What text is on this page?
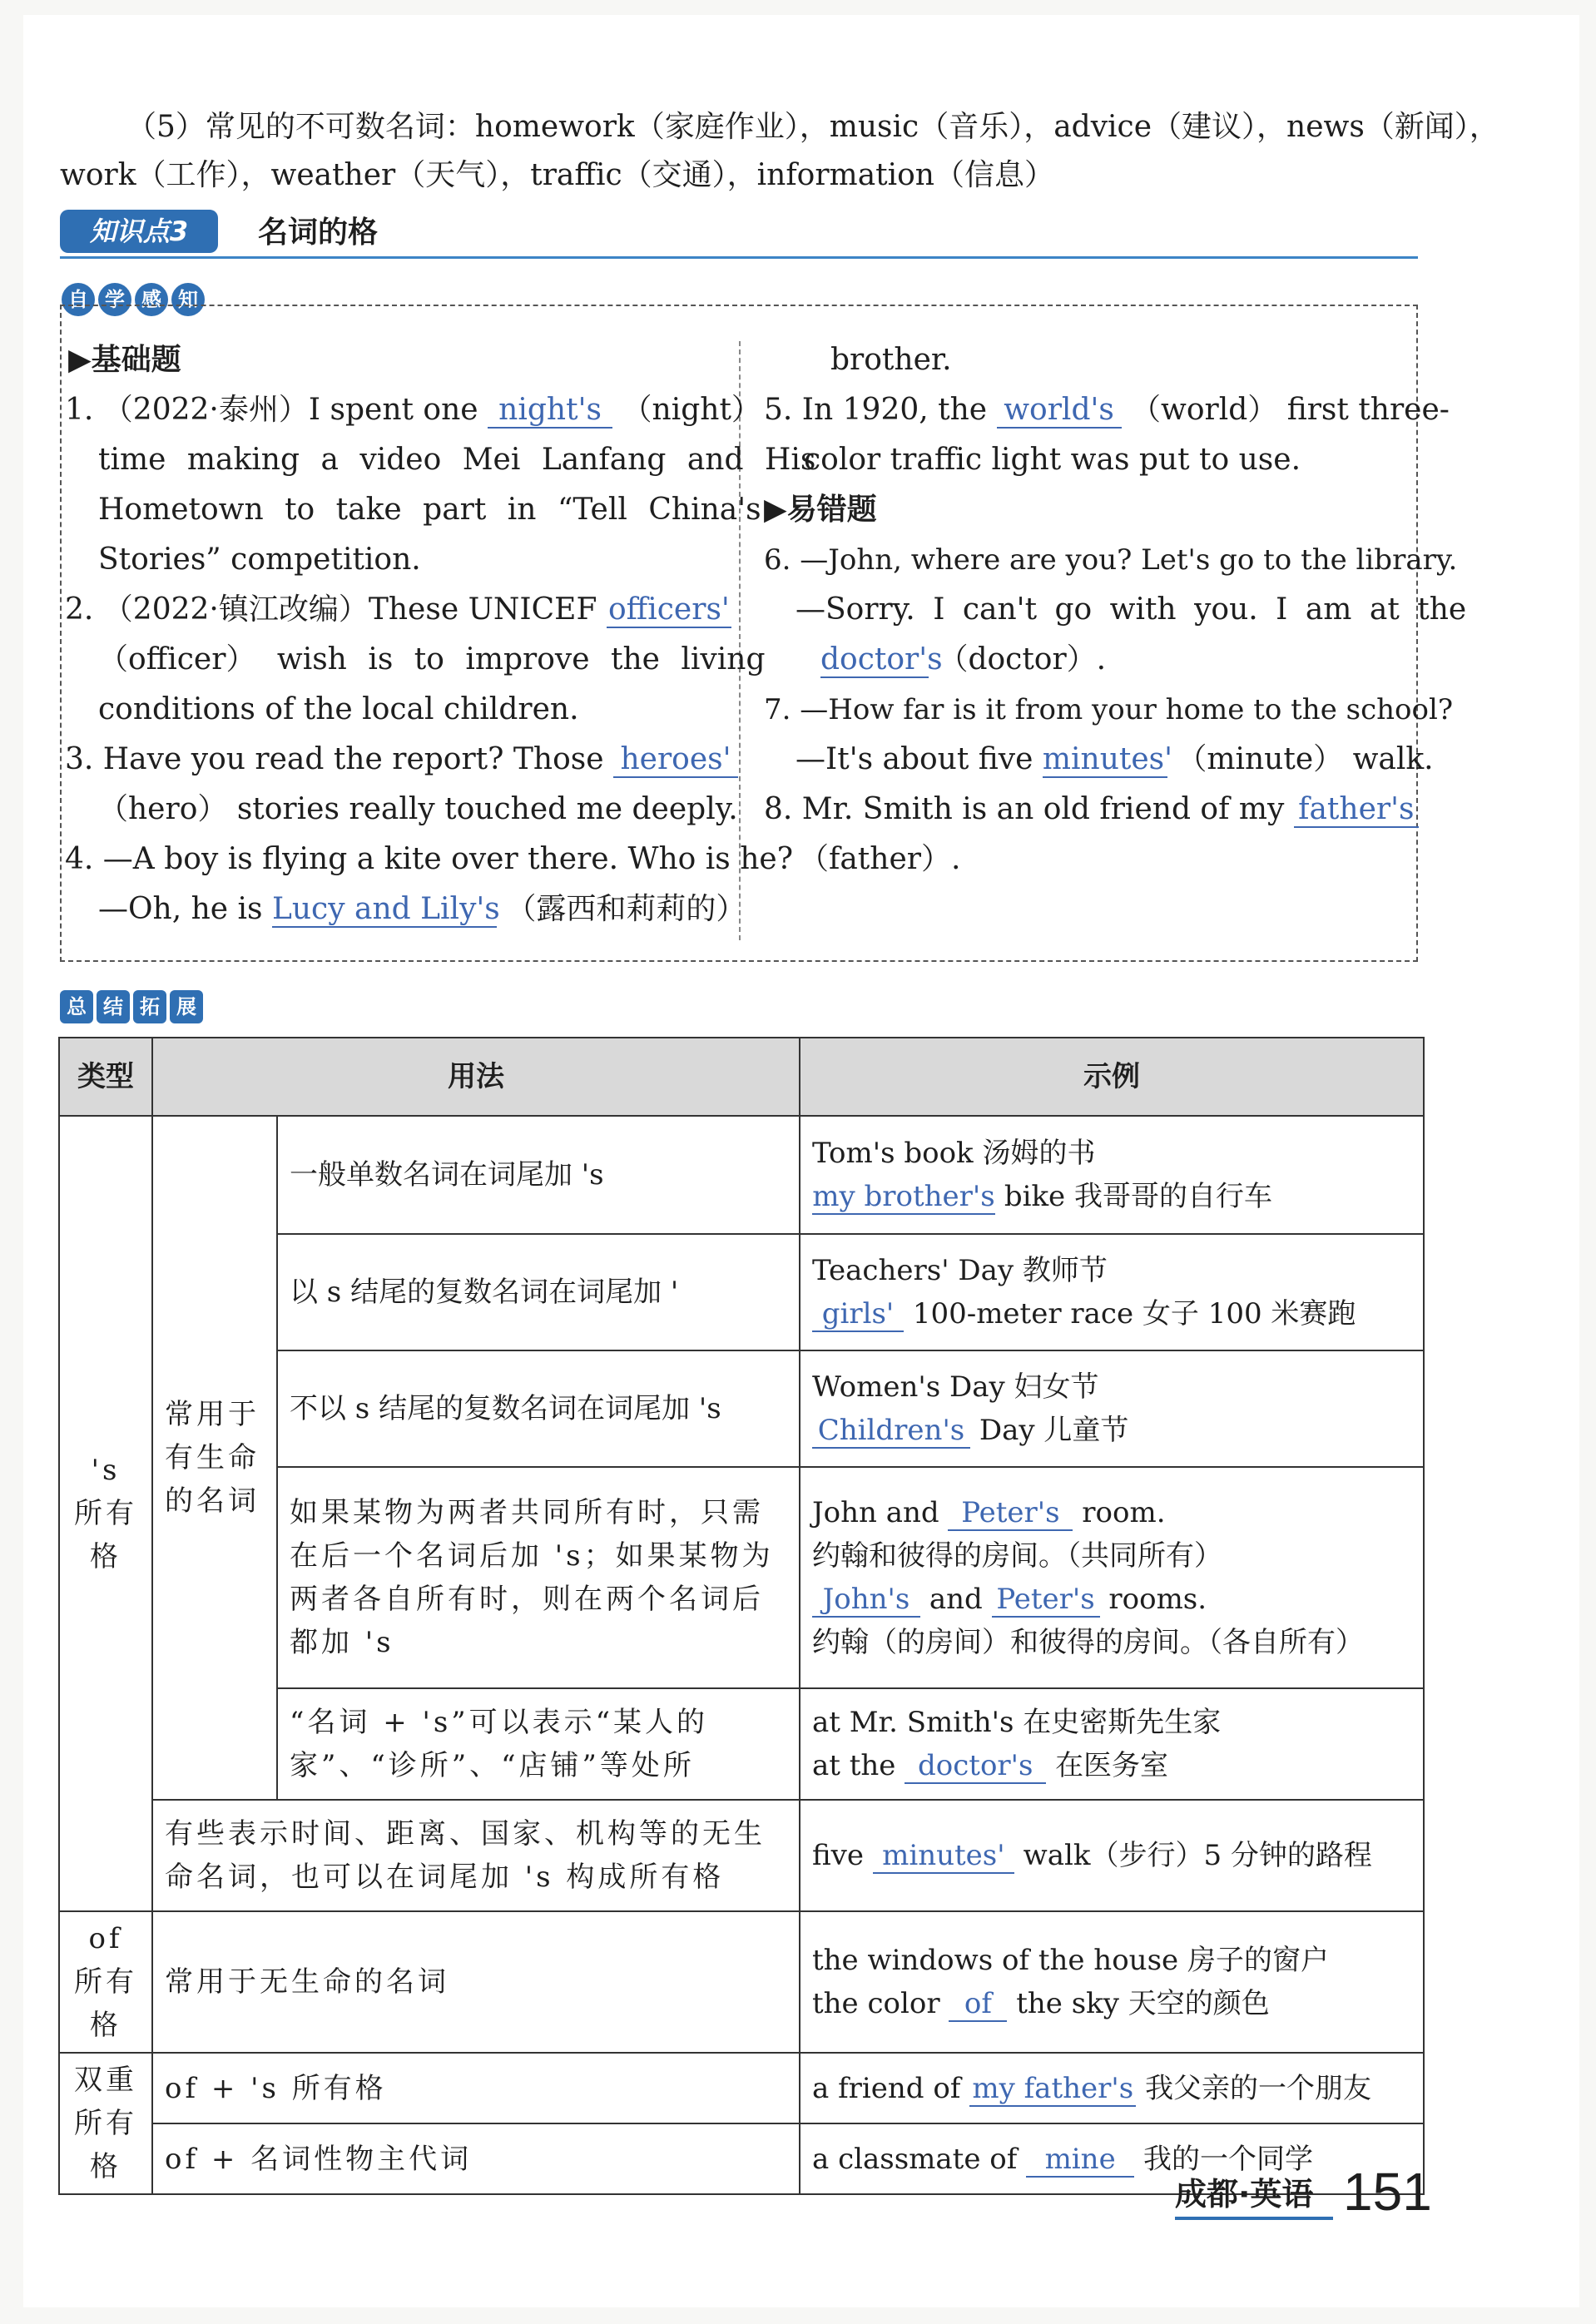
（5）常见的不可数名词：homework（家庭作业），music（音乐），advice（建议），news（新闻），
work（工作），weather（天气），traffic（交通），information（信息）
知识点3	名词的格
自 学 感 知
▶基础题
1. （2022·泰州）I spent one night's （night）
time making a video Mei Lanfang and His
Hometown to take part in “Tell China's
Stories” competition.
2. （2022·镇江改编）These UNICEF officers'
（officer） wish is to improve the living
conditions of the local children.
3. Have you read the report? Those heroes'
（hero） stories really touched me deeply.
4. —A boy is flying a kite over there. Who is he?
—Oh, he is Lucy and Lily's （露西和莉莉的）
brother.
5. In 1920, the world's （world） first three-
color traffic light was put to use.
▶易错题
6. —John, where are you? Let's go to the library.
—Sorry. I can't go with you. I am at the
doctor's （doctor）.
7. —How far is it from your home to the school?
—It's about five minutes' （minute） walk.
8. Mr. Smith is an old friend of my father's
（father）.
总 结 拓 展
类型	用法		示例
's 所有格	常用于有生命的名词	一般单数名词在词尾加 's	Tom's book 汤姆的书
my brother's bike 我哥哥的自行车

		以 s 结尾的复数名词在词尾加 '	Teachers' Day 教师节
girls' 100-meter race 女子 100 米赛跑

		不以 s 结尾的复数名词在词尾加 's	Women's Day 妇女节
Children's Day 儿童节

		如果某物为两者共同所有时，只需在后一个名词后加 's；如果某物为两者各自所有时，则在两个名词后都加 's	John and Peter's room.
约翰和彼得的房间。（共同所有）
John's and Peter's rooms.
约翰（的房间）和彼得的房间。（各自所有）

		“名词 + 's”可以表示“某人的家”、“诊所”、“店铺”等处所	at Mr. Smith's 在史密斯先生家
at the doctor's 在医务室

	有些表示时间、距离、国家、机构等的无生命名词，也可以在词尾加 's 构成所有格		five minutes' walk（步行）5 分钟的路程

of 所有格	常用于无生命的名词		the windows of the house 房子的窗户
the color of the sky 天空的颜色

双重所有格	of + 's 所有格		a friend of my father's 我父亲的一个朋友
	of + 名词性物主代词		a classmate of mine 我的一个同学
成都·英语 151
